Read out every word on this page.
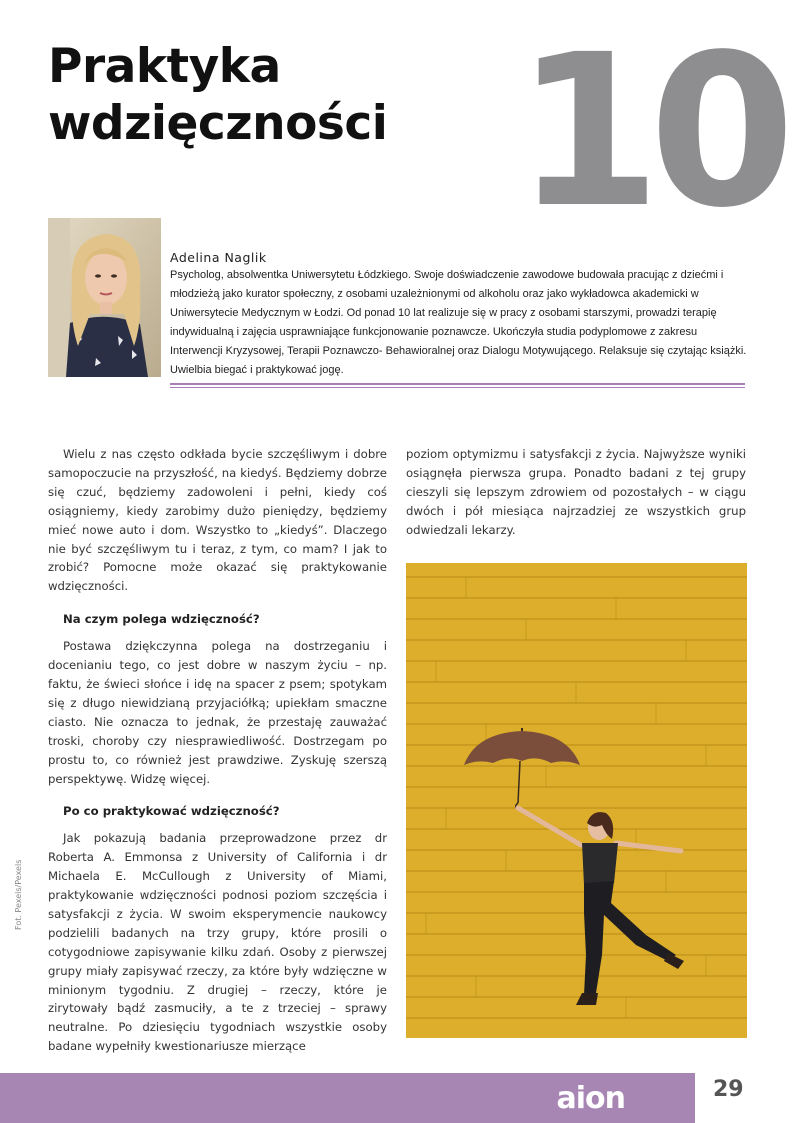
Praktyka
wdzięczności 10
Adelina Naglik
Psycholog, absolwentka Uniwersytetu Łódzkiego. Swoje doświadczenie zawodowe budowała pracując z dziećmi i młodzieżą jako kurator społeczny, z osobami uzależnionymi od alkoholu oraz jako wykładowca akademicki w Uniwersytecie Medycznym w Łodzi. Od ponad 10 lat realizuje się w pracy z osobami starszymi, prowadzi terapię indywidualną i zajęcia usprawniające funkcjonowanie poznawcze. Ukończyła studia podyplomowe z zakresu Interwencji Kryzysowej, Terapii Poznawczo- Behawioralnej oraz Dialogu Motywującego. Relaksuje się czytając książki. Uwielbia biegać i praktykować jogę.

Wielu z nas często odkłada bycie szczęśliwym i dobre samopoczucie na przyszłość, na kiedyś. Będziemy dobrze się czuć, będziemy zadowoleni i pełni, kiedy coś osiągniemy, kiedy zarobimy dużo pieniędzy, będziemy mieć nowe auto i dom. Wszystko to „kiedyś”. Dlaczego nie być szczęśliwym tu i teraz, z tym, co mam? I jak to zrobić? Pomocne może okazać się praktykowanie wdzięczności.

Na czym polega wdzięczność?

Postawa dziękczynna polega na dostrzeganiu i docenianiu tego, co jest dobre w naszym życiu – np. faktu, że świeci słońce i idę na spacer z psem; spotykam się z długo niewidzianą przyjaciółką; upiekłam smaczne ciasto. Nie oznacza to jednak, że przestaję zauważać troski, choroby czy niesprawiedliwość. Dostrzegam po prostu to, co również jest prawdziwe. Zyskuję szerszą perspektywę. Widzę więcej.

Po co praktykować wdzięczność?

Jak pokazują badania przeprowadzone przez dr Roberta A. Emmonsa z University of California i dr Michaela E. McCullough z University of Miami, praktykowanie wdzięczności podnosi poziom szczęścia i satysfakcji z życia. W swoim eksperymencie naukowcy podzielili badanych na trzy grupy, które prosili o cotygodniowe zapisywanie kilku zdań. Osoby z pierwszej grupy miały zapisywać rzeczy, za które były wdzięczne w minionym tygodniu. Z drugiej – rzeczy, które je zirytowały bądź zasmuciły, a te z trzeciej – sprawy neutralne. Po dziesięciu tygodniach wszystkie osoby badane wypełniły kwestionariusze mierzące

poziom optymizmu i satysfakcji z życia. Najwyższe wyniki osiągnęła pierwsza grupa. Ponadto badani z tej grupy cieszyli się lepszym zdrowiem od pozostałych – w ciągu dwóch i pół miesiąca najrzadziej ze wszystkich grup odwiedzali lekarzy.

Fot. Pexels/Pexels
aion	29
